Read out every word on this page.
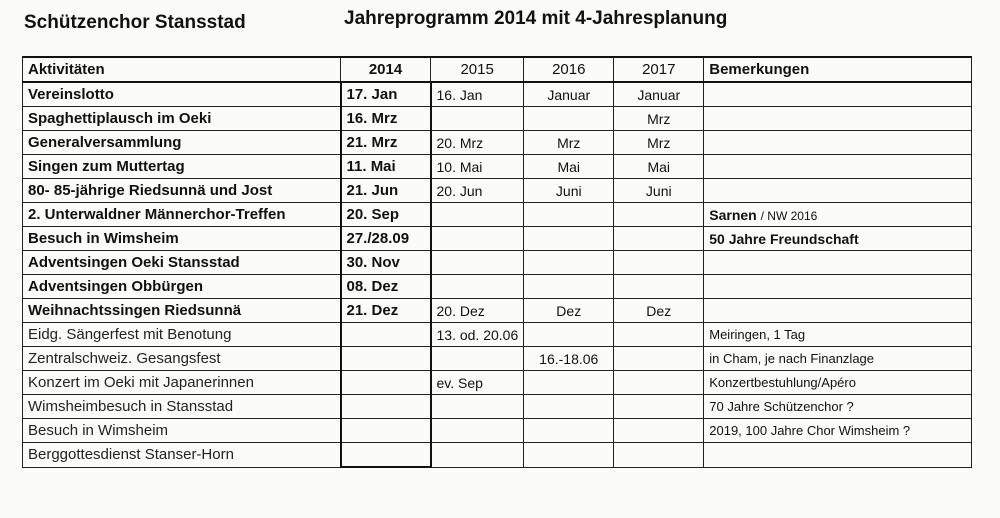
Schützenchor Stansstad	Jahreprogramm 2014 mit 4-Jahresplanung
Aktivitäten	2014	2015	2016	2017	Bemerkungen
Vereinslotto	17. Jan	16. Jan	Januar	Januar	
Spaghettiplausch im Oeki	16. Mrz			Mrz	
Generalversammlung	21. Mrz	20. Mrz	Mrz	Mrz	
Singen zum Muttertag	11. Mai	10. Mai	Mai	Mai	
80- 85-jährige Riedsunnä und Jost	21. Jun	20. Jun	Juni	Juni	
2. Unterwaldner Männerchor-Treffen	20. Sep				Sarnen / NW 2016
Besuch in Wimsheim	27./28.09				50 Jahre Freundschaft
Adventsingen Oeki Stansstad	30. Nov				
Adventsingen Obbürgen	08. Dez				
Weihnachtssingen Riedsunnä	21. Dez	20. Dez	Dez	Dez	
Eidg. Sängerfest mit Benotung		13. od. 20.06			Meiringen, 1 Tag
Zentralschweiz. Gesangsfest			16.-18.06		in Cham, je nach Finanzlage
Konzert im Oeki mit Japanerinnen		ev. Sep			Konzertbestuhlung/Apéro
Wimsheimbesuch in Stansstad					70 Jahre Schützenchor ?
Besuch in Wimsheim					2019, 100 Jahre Chor Wimsheim ?
Berggottesdienst Stanser-Horn					
